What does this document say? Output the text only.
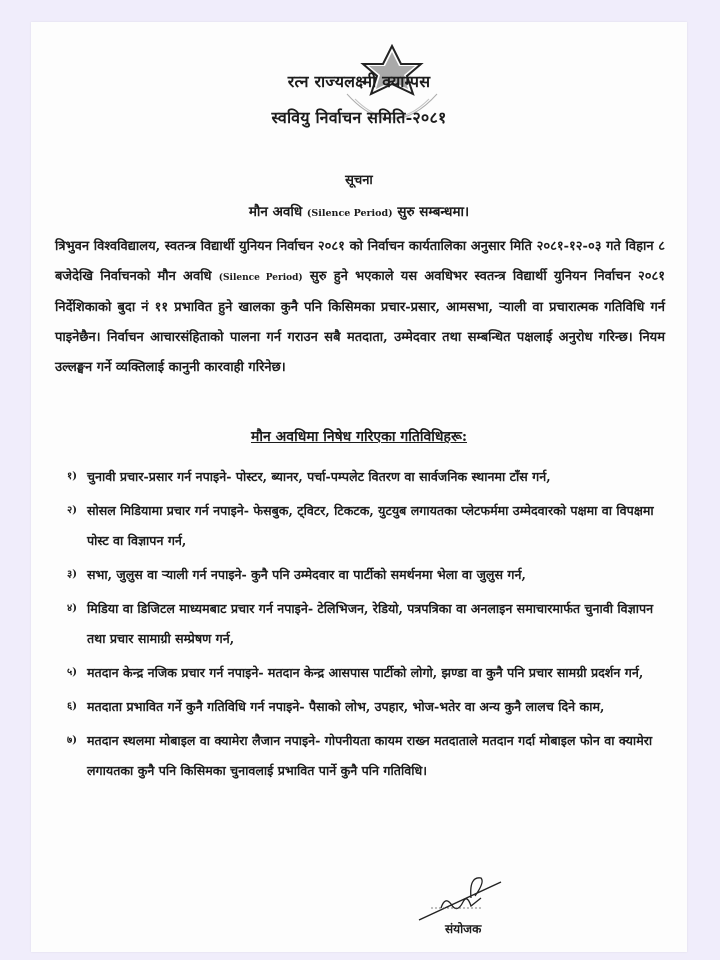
रत्न राज्यलक्ष्मी क्याम्पस
स्ववियु निर्वाचन समिति-२०८१
सूचना
मौन अवधि (Silence Period) सुरु सम्बन्धमा।
त्रिभुवन विश्वविद्यालय, स्वतन्त्र विद्यार्थी युनियन निर्वाचन २०८१ को निर्वाचन कार्यतालिका अनुसार मिति २०८१-१२-०३ गते विहान ८ बजेदेखि निर्वाचनको मौन अवधि (Silence Period) सुरु हुने भएकाले यस अवधिभर स्वतन्त्र विद्यार्थी युनियन निर्वाचन २०८१ निर्देशिकाको बुदा नं ११ प्रभावित हुने खालका कुनै पनि किसिमका प्रचार-प्रसार, आमसभा, र्‍याली वा प्रचारात्मक गतिविधि गर्न पाइनेछैन। निर्वाचन आचारसंहिताको पालना गर्न गराउन सबै मतदाता, उम्मेदवार तथा सम्बन्धित पक्षलाई अनुरोध गरिन्छ। नियम उल्लङ्घन गर्ने व्यक्तिलाई कानुनी कारवाही गरिनेछ।
मौन अवधिमा निषेध गरिएका गतिविधिहरू:
१) चुनावी प्रचार-प्रसार गर्न नपाइने- पोस्टर, ब्यानर, पर्चा-पम्पलेट वितरण वा सार्वजनिक स्थानमा टाँस गर्न,
२) सोसल मिडियामा प्रचार गर्न नपाइने- फेसबुक, ट्विटर, टिकटक, युटयुब लगायतका प्लेटफर्ममा उम्मेदवारको पक्षमा वा विपक्षमा पोस्ट वा विज्ञापन गर्न,
३) सभा, जुलुस वा र्‍याली गर्न नपाइने- कुनै पनि उम्मेदवार वा पार्टीको समर्थनमा भेला वा जुलुस गर्न,
४) मिडिया वा डिजिटल माध्यमबाट प्रचार गर्न नपाइने- टेलिभिजन, रेडियो, पत्रपत्रिका वा अनलाइन समाचारमार्फत चुनावी विज्ञापन तथा प्रचार सामाग्री सम्प्रेषण गर्न,
५) मतदान केन्द्र नजिक प्रचार गर्न नपाइने- मतदान केन्द्र आसपास पार्टीको लोगो, झण्डा वा कुनै पनि प्रचार सामग्री प्रदर्शन गर्न,
६) मतदाता प्रभावित गर्ने कुनै गतिविधि गर्न नपाइने- पैसाको लोभ, उपहार, भोज-भतेर वा अन्य कुनै लालच दिने काम,
७) मतदान स्थलमा मोबाइल वा क्यामेरा लैजान नपाइने- गोपनीयता कायम राख्न मतदाताले मतदान गर्दा मोबाइल फोन वा क्यामेरा लगायतका कुनै पनि किसिमका चुनावलाई प्रभावित पार्ने कुनै पनि गतिविधि।
संयोजक
